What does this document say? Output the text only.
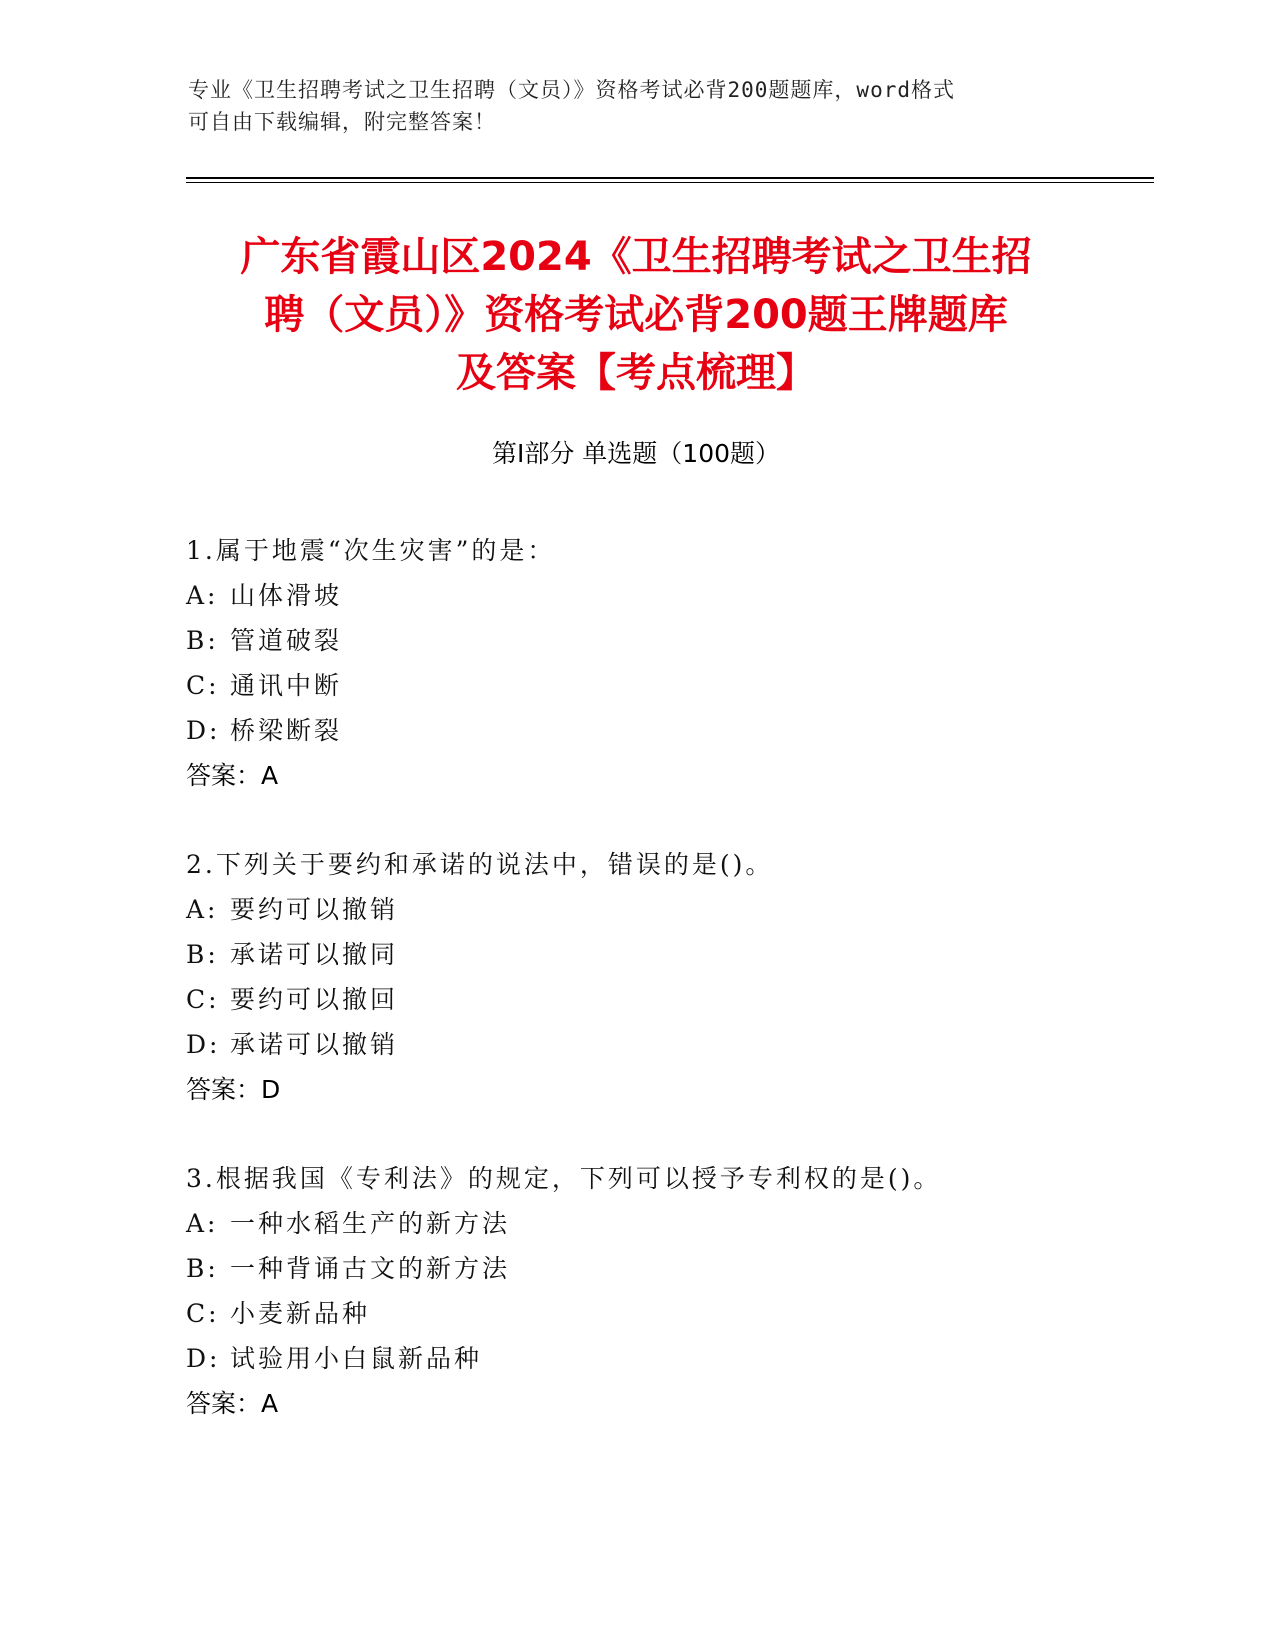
专业《卫生招聘考试之卫生招聘（文员）》资格考试必背200题题库，word格式
可自由下载编辑，附完整答案！
广东省霞山区2024《卫生招聘考试之卫生招
聘（文员）》资格考试必背200题王牌题库
及答案【考点梳理】
第Ⅰ部分 单选题（100题）
1.属于地震“次生灾害”的是：
A: 山体滑坡
B: 管道破裂
C: 通讯中断
D: 桥梁断裂
答案：A
2.下列关于要约和承诺的说法中，错误的是()。
A: 要约可以撤销
B: 承诺可以撤同
C: 要约可以撤回
D: 承诺可以撤销
答案：D
3.根据我国《专利法》的规定，下列可以授予专利权的是()。
A: 一种水稻生产的新方法
B: 一种背诵古文的新方法
C: 小麦新品种
D: 试验用小白鼠新品种
答案：A
